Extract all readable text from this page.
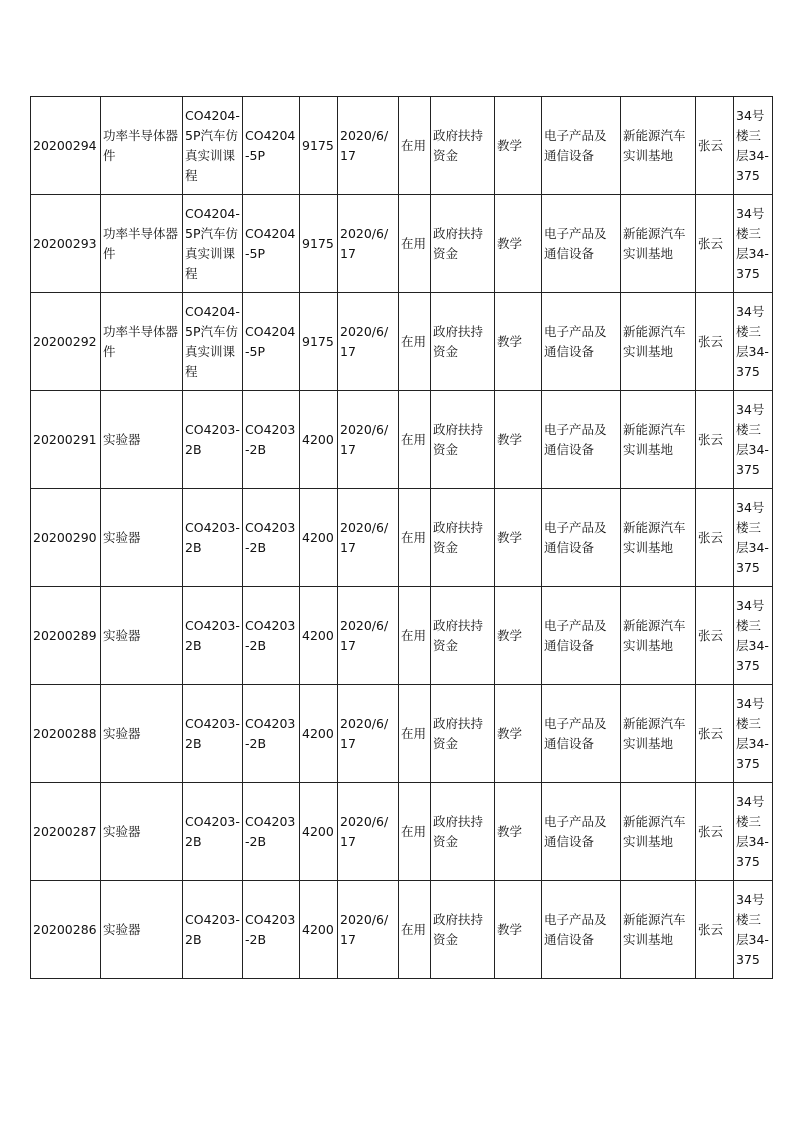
20200294	功率半导体器件	CO4204-5P汽车仿真实训课程	CO4204-5P	9175	2020/6/17	在用	政府扶持资金	教学	电子产品及通信设备	新能源汽车实训基地	张云	34号楼三层34-375
20200293	功率半导体器件	CO4204-5P汽车仿真实训课程	CO4204-5P	9175	2020/6/17	在用	政府扶持资金	教学	电子产品及通信设备	新能源汽车实训基地	张云	34号楼三层34-375
20200292	功率半导体器件	CO4204-5P汽车仿真实训课程	CO4204-5P	9175	2020/6/17	在用	政府扶持资金	教学	电子产品及通信设备	新能源汽车实训基地	张云	34号楼三层34-375
20200291	实验器	CO4203-2B	CO4203-2B	4200	2020/6/17	在用	政府扶持资金	教学	电子产品及通信设备	新能源汽车实训基地	张云	34号楼三层34-375
20200290	实验器	CO4203-2B	CO4203-2B	4200	2020/6/17	在用	政府扶持资金	教学	电子产品及通信设备	新能源汽车实训基地	张云	34号楼三层34-375
20200289	实验器	CO4203-2B	CO4203-2B	4200	2020/6/17	在用	政府扶持资金	教学	电子产品及通信设备	新能源汽车实训基地	张云	34号楼三层34-375
20200288	实验器	CO4203-2B	CO4203-2B	4200	2020/6/17	在用	政府扶持资金	教学	电子产品及通信设备	新能源汽车实训基地	张云	34号楼三层34-375
20200287	实验器	CO4203-2B	CO4203-2B	4200	2020/6/17	在用	政府扶持资金	教学	电子产品及通信设备	新能源汽车实训基地	张云	34号楼三层34-375
20200286	实验器	CO4203-2B	CO4203-2B	4200	2020/6/17	在用	政府扶持资金	教学	电子产品及通信设备	新能源汽车实训基地	张云	34号楼三层34-375
